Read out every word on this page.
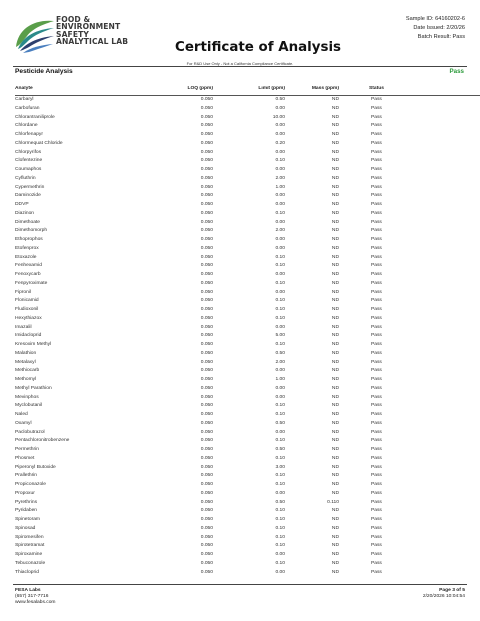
FOOD &
ENVIRONMENT
SAFETY
ANALYTICAL LAB	Certificate of Analysis
Sample ID: 64160202-6
Date Issued: 2/20/26
Batch Result: Pass
For R&D Use Only - Not a California Compliance Certificate.
Pesticide Analysis	Pass
Analyte	LOQ (ppm)	Limit (ppm)	Mass (ppm)	Status
Carbaryl	0.050	0.50	ND	Pass
Carbofuran	0.050	0.00	ND	Pass
Chlorantraniliprole	0.050	10.00	ND	Pass
Chlordane	0.050	0.00	ND	Pass
Chlorfenapyr	0.050	0.00	ND	Pass
Chlormequat Chloride	0.050	0.20	ND	Pass
Chlorpyrifos	0.050	0.00	ND	Pass
Clofentezine	0.050	0.10	ND	Pass
Coumaphos	0.050	0.00	ND	Pass
Cyfluthrin	0.050	2.00	ND	Pass
Cypermethrin	0.050	1.00	ND	Pass
Daminozide	0.050	0.00	ND	Pass
DDVP	0.050	0.00	ND	Pass
Diazinon	0.050	0.10	ND	Pass
Dimethoate	0.050	0.00	ND	Pass
Dimethomorph	0.050	2.00	ND	Pass
Ethoprophos	0.050	0.00	ND	Pass
Etofenprox	0.050	0.00	ND	Pass
Etoxazole	0.050	0.10	ND	Pass
Fenhexamid	0.050	0.10	ND	Pass
Fenoxycarb	0.050	0.00	ND	Pass
Fenpyroximate	0.050	0.10	ND	Pass
Fipronil	0.050	0.00	ND	Pass
Flonicamid	0.050	0.10	ND	Pass
Fludioxonil	0.050	0.10	ND	Pass
Hexythiazox	0.050	0.10	ND	Pass
Imazalil	0.050	0.00	ND	Pass
Imidacloprid	0.050	5.00	ND	Pass
Kresoxim Methyl	0.050	0.10	ND	Pass
Malathion	0.050	0.50	ND	Pass
Metalaxyl	0.050	2.00	ND	Pass
Methiocarb	0.050	0.00	ND	Pass
Methomyl	0.050	1.00	ND	Pass
Methyl Parathion	0.050	0.00	ND	Pass
Mevinphos	0.050	0.00	ND	Pass
Myclobutanil	0.050	0.10	ND	Pass
Naled	0.050	0.10	ND	Pass
Oxamyl	0.050	0.50	ND	Pass
Paclobutrazol	0.050	0.00	ND	Pass
Pentachloronitrobenzene	0.050	0.10	ND	Pass
Permethrin	0.050	0.50	ND	Pass
Phosmet	0.050	0.10	ND	Pass
Piperonyl Butoxide	0.050	3.00	ND	Pass
Prallethrin	0.050	0.10	ND	Pass
Propiconazole	0.050	0.10	ND	Pass
Propoxur	0.050	0.00	ND	Pass
Pyrethrins	0.050	0.50	0.110	Pass
Pyridaben	0.050	0.10	ND	Pass
Spinetoram	0.050	0.10	ND	Pass
Spinosad	0.050	0.10	ND	Pass
Spiromesifen	0.050	0.10	ND	Pass
Spirotetramat	0.050	0.10	ND	Pass
Spiroxamine	0.050	0.00	ND	Pass
Tebuconazole	0.050	0.10	ND	Pass
Thiacloprid	0.050	0.00	ND	Pass
FESA Labs
(657) 317-7716
www.fesalabs.com
Page 3 of 5
2/20/2026 10:04:54
